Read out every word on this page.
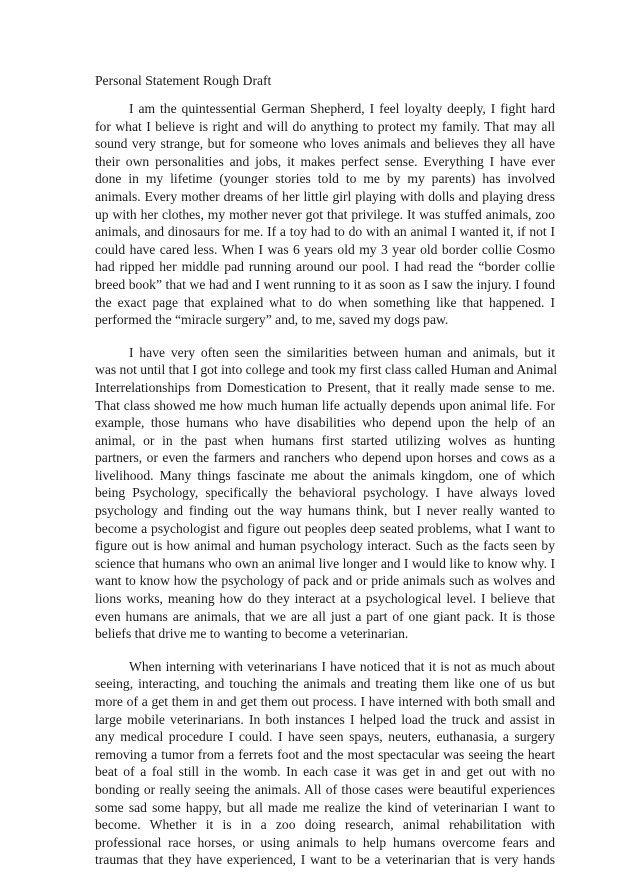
Personal Statement Rough Draft
I am the quintessential German Shepherd, I feel loyalty deeply, I fight hard
for what I believe is right and will do anything to protect my family. That may all
sound very strange, but for someone who loves animals and believes they all have
their own personalities and jobs, it makes perfect sense. Everything I have ever
done in my lifetime (younger stories told to me by my parents) has involved
animals. Every mother dreams of her little girl playing with dolls and playing dress
up with her clothes, my mother never got that privilege. It was stuffed animals, zoo
animals, and dinosaurs for me. If a toy had to do with an animal I wanted it, if not I
could have cared less. When I was 6 years old my 3 year old border collie Cosmo
had ripped her middle pad running around our pool. I had read the “border collie
breed book” that we had and I went running to it as soon as I saw the injury. I found
the exact page that explained what to do when something like that happened. I
performed the “miracle surgery” and, to me, saved my dogs paw.
I have very often seen the similarities between human and animals, but it
was not until that I got into college and took my first class called Human and Animal
Interrelationships from Domestication to Present, that it really made sense to me.
That class showed me how much human life actually depends upon animal life. For
example, those humans who have disabilities who depend upon the help of an
animal, or in the past when humans first started utilizing wolves as hunting
partners, or even the farmers and ranchers who depend upon horses and cows as a
livelihood. Many things fascinate me about the animals kingdom, one of which
being Psychology, specifically the behavioral psychology. I have always loved
psychology and finding out the way humans think, but I never really wanted to
become a psychologist and figure out peoples deep seated problems, what I want to
figure out is how animal and human psychology interact. Such as the facts seen by
science that humans who own an animal live longer and I would like to know why. I
want to know how the psychology of pack and or pride animals such as wolves and
lions works, meaning how do they interact at a psychological level. I believe that
even humans are animals, that we are all just a part of one giant pack. It is those
beliefs that drive me to wanting to become a veterinarian.
When interning with veterinarians I have noticed that it is not as much about
seeing, interacting, and touching the animals and treating them like one of us but
more of a get them in and get them out process. I have interned with both small and
large mobile veterinarians. In both instances I helped load the truck and assist in
any medical procedure I could. I have seen spays, neuters, euthanasia, a surgery
removing a tumor from a ferrets foot and the most spectacular was seeing the heart
beat of a foal still in the womb. In each case it was get in and get out with no
bonding or really seeing the animals. All of those cases were beautiful experiences
some sad some happy, but all made me realize the kind of veterinarian I want to
become. Whether it is in a zoo doing research, animal rehabilitation with
professional race horses, or using animals to help humans overcome fears and
traumas that they have experienced, I want to be a veterinarian that is very hands
